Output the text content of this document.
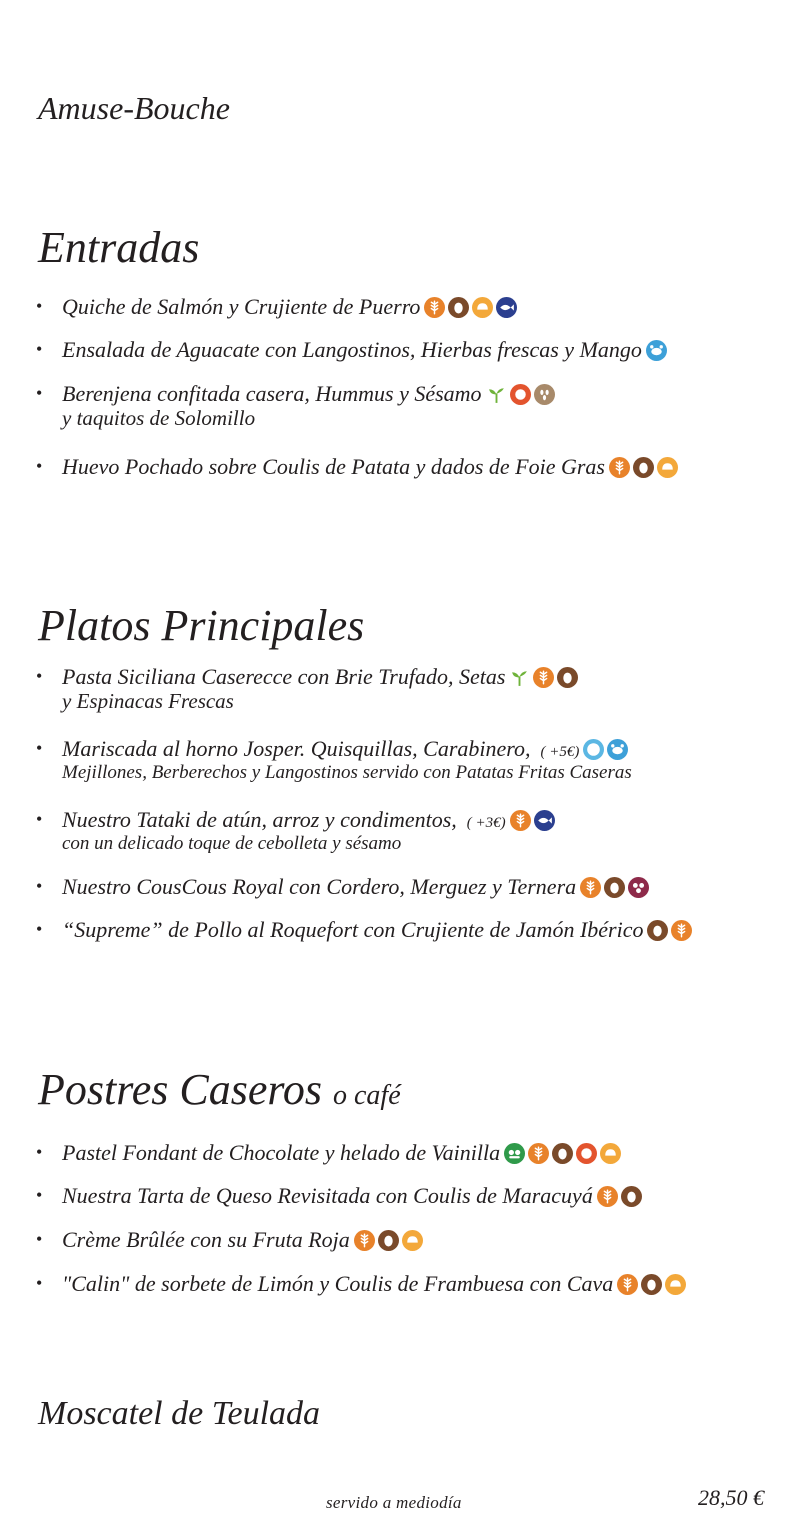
Amuse-Bouche
Entradas
• Quiche de Salmón y Crujiente de Puerro
• Ensalada de Aguacate con Langostinos, Hierbas frescas y Mango
• Berenjena confitada casera, Hummus y Sésamo
y taquitos de Solomillo
• Huevo Pochado sobre Coulis de Patata y dados de Foie Gras
Platos Principales
• Pasta Siciliana Caserecce con Brie Trufado, Setas
y Espinacas Frescas
• Mariscada al horno Josper. Quisquillas, Carabinero, ( +5€)
Mejillones, Berberechos y Langostinos servido con Patatas Fritas Caseras
• Nuestro Tataki de atún, arroz y condimentos, ( +3€)
con un delicado toque de cebolleta y sésamo
• Nuestro CousCous Royal con Cordero, Merguez y Ternera
• “Supreme” de Pollo al Roquefort con Crujiente de Jamón Ibérico
Postres Caseros o café
• Pastel Fondant de Chocolate y helado de Vainilla
• Nuestra Tarta de Queso Revisitada con Coulis de Maracuyá
• Crème Brûlée con su Fruta Roja
• "Calin" de sorbete de Limón y Coulis de Frambuesa con Cava
Moscatel de Teulada
servido a mediodía	28,50 €
